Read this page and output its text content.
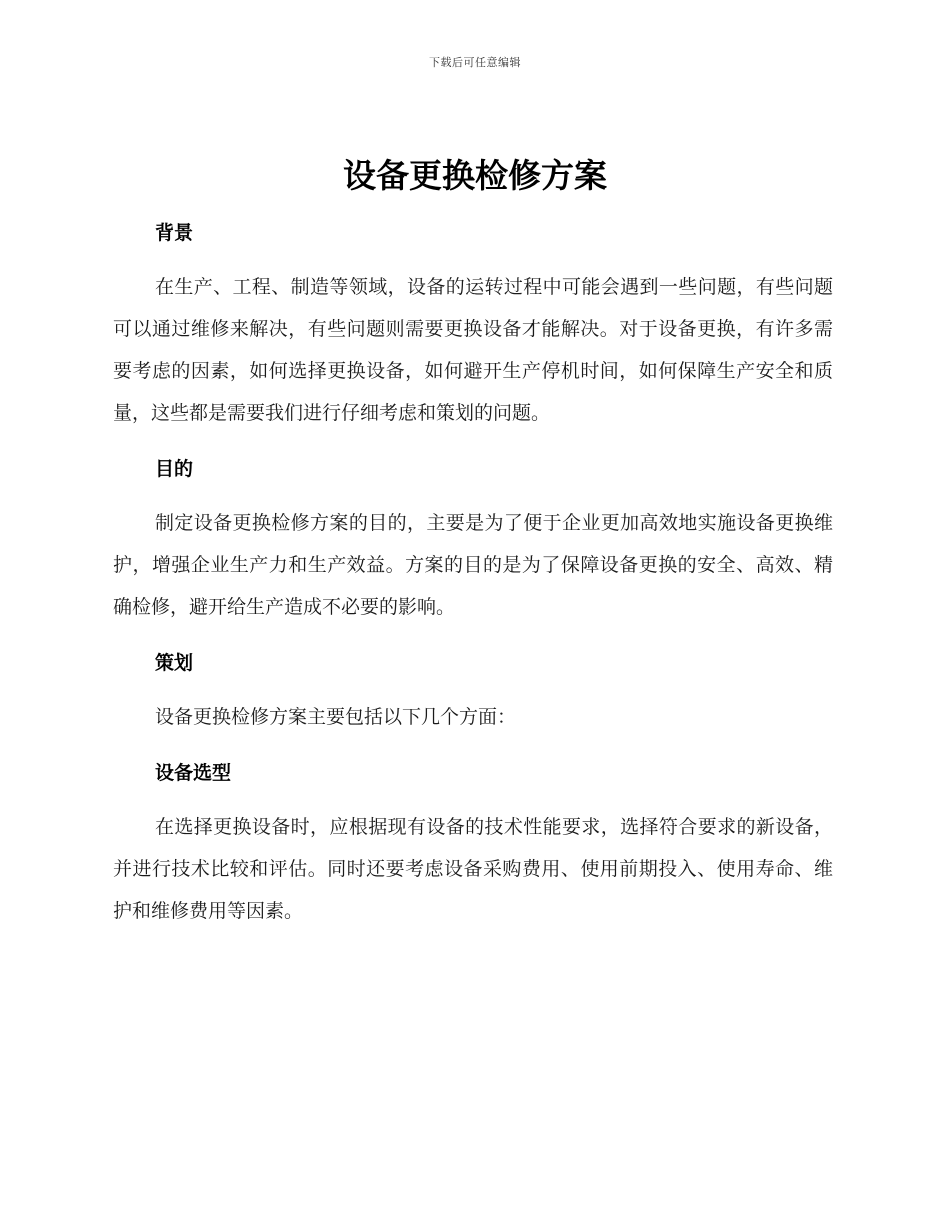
下载后可任意编辑
设备更换检修方案
背景

在生产、工程、制造等领域，设备的运转过程中可能会遇到一些问题，有些问题可以通过维修来解决，有些问题则需要更换设备才能解决。对于设备更换，有许多需要考虑的因素，如何选择更换设备，如何避开生产停机时间，如何保障生产安全和质量，这些都是需要我们进行仔细考虑和策划的问题。

目的

制定设备更换检修方案的目的，主要是为了便于企业更加高效地实施设备更换维护，增强企业生产力和生产效益。方案的目的是为了保障设备更换的安全、高效、精确检修，避开给生产造成不必要的影响。

策划

设备更换检修方案主要包括以下几个方面：

设备选型

在选择更换设备时，应根据现有设备的技术性能要求，选择符合要求的新设备，并进行技术比较和评估。同时还要考虑设备采购费用、使用前期投入、使用寿命、维护和维修费用等因素。
